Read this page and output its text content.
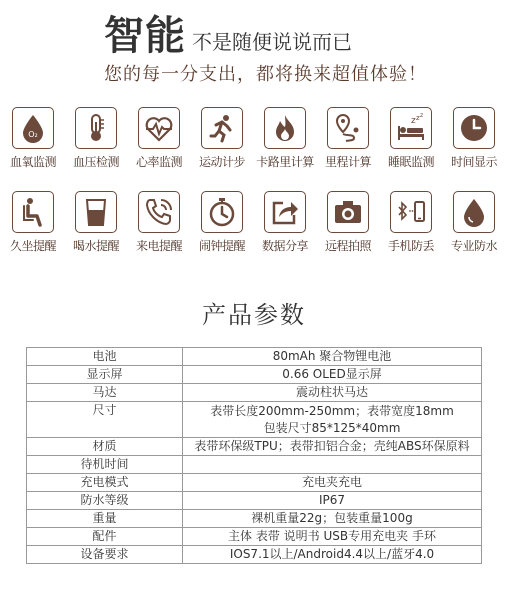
智能 不是随便说说而已
您的每一分支出，都将换来超值体验！
O₂
血氧监测	血压检测	心率监测	运动计步 卡路里计算 里程计算
z z z
睡眠监测	时间显示
久坐提醒	喝水提醒	来电提醒	闹钟提醒	数据分享	远程拍照	手机防丢	专业防水
产品参数
电池	80mAh 聚合物锂电池
显示屏	0.66 OLED显示屏
马达	震动柱状马达
尺寸	表带长度200mm-250mm；表带宽度18mm
包装尺寸85*125*40mm

材质	表带环保级TPU；表带扣铝合金；壳纯ABS环保原料
待机时间	
充电模式	充电夹充电
防水等级	IP67
重量	裸机重量22g；包装重量100g
配件	主体 表带 说明书 USB专用充电夹 手环
设备要求	IOS7.1以上/Android4.4以上/蓝牙4.0
